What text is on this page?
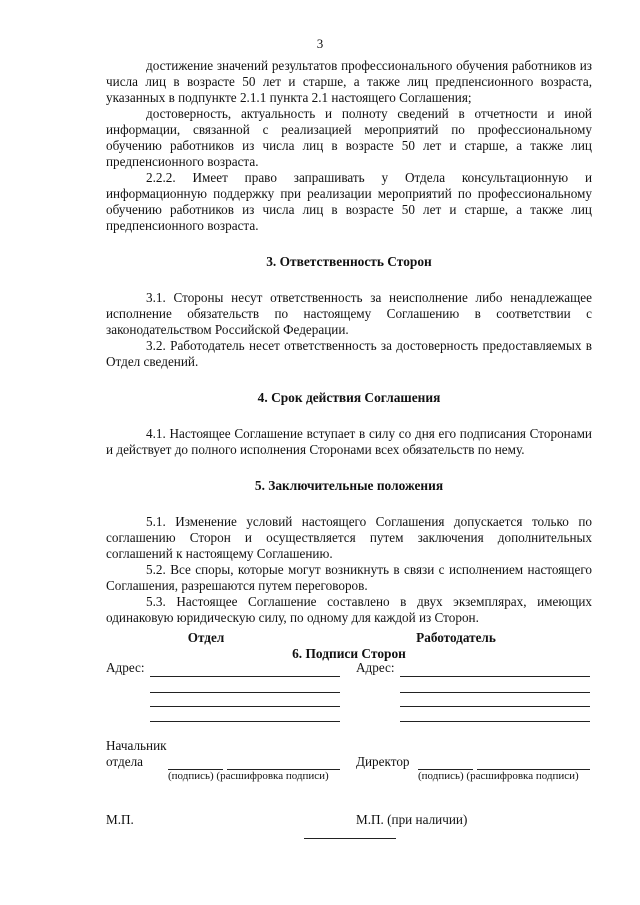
3

достижение значений результатов профессионального обучения работников из числа лиц в возрасте 50 лет и старше, а также лиц предпенсионного возраста, указанных в подпункте 2.1.1 пункта 2.1 настоящего Соглашения;

достоверность, актуальность и полноту сведений в отчетности и иной информации, связанной с реализацией мероприятий по профессиональному обучению работников из числа лиц в возрасте 50 лет и старше, а также лиц предпенсионного возраста.

2.2.2. Имеет право запрашивать у Отдела консультационную и информационную поддержку при реализации мероприятий по профессиональному обучению работников из числа лиц в возрасте 50 лет и старше, а также лиц предпенсионного возраста.

3. Ответственность Сторон

3.1. Стороны несут ответственность за неисполнение либо ненадлежащее исполнение обязательств по настоящему Соглашению в соответствии с законодательством Российской Федерации.

3.2. Работодатель несет ответственность за достоверность предоставляемых в Отдел сведений.

4. Срок действия Соглашения

4.1. Настоящее Соглашение вступает в силу со дня его подписания Сторонами и действует до полного исполнения Сторонами всех обязательств по нему.

5. Заключительные положения

5.1. Изменение условий настоящего Соглашения допускается только по соглашению Сторон и осуществляется путем заключения дополнительных соглашений к настоящему Соглашению.

5.2. Все споры, которые могут возникнуть в связи с исполнением настоящего Соглашения, разрешаются путем переговоров.

5.3. Настоящее Соглашение составлено в двух экземплярах, имеющих одинаковую юридическую силу, по одному для каждой из Сторон.

6. Подписи Сторон
Отдел
Адрес:
Начальник
отдела
(подпись) (расшифровка подписи)
М.П.
Работодатель
Адрес:
Директор
(подпись) (расшифровка подписи)
М.П. (при наличии)
